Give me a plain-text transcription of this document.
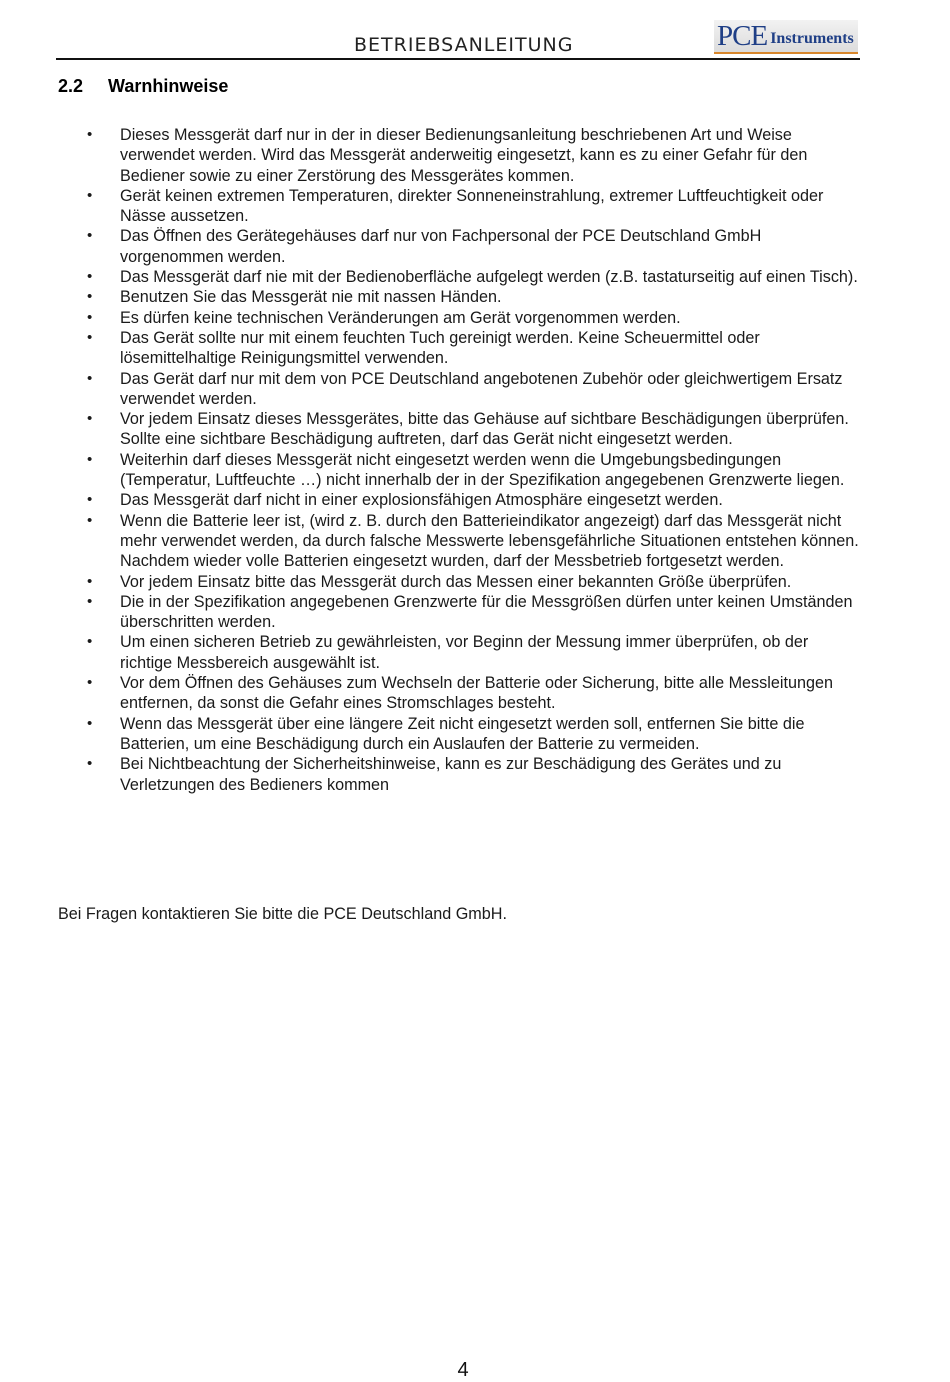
BETRIEBSANLEITUNG	PCE Instruments
2.2 Warnhinweise
• Dieses Messgerät darf nur in der in dieser Bedienungsanleitung beschriebenen Art und Weise verwendet werden. Wird das Messgerät anderweitig eingesetzt, kann es zu einer Gefahr für den Bediener sowie zu einer Zerstörung des Messgerätes kommen.
• Gerät keinen extremen Temperaturen, direkter Sonneneinstrahlung, extremer Luftfeuchtigkeit oder Nässe aussetzen.
• Das Öffnen des Gerätegehäuses darf nur von Fachpersonal der PCE Deutschland GmbH vorgenommen werden.
• Das Messgerät darf nie mit der Bedienoberfläche aufgelegt werden (z.B. tastaturseitig auf einen Tisch).
• Benutzen Sie das Messgerät nie mit nassen Händen.
• Es dürfen keine technischen Veränderungen am Gerät vorgenommen werden.
• Das Gerät sollte nur mit einem feuchten Tuch gereinigt werden. Keine Scheuermittel oder lösemittelhaltige Reinigungsmittel verwenden.
• Das Gerät darf nur mit dem von PCE Deutschland angebotenen Zubehör oder gleichwertigem Ersatz verwendet werden.
• Vor jedem Einsatz dieses Messgerätes, bitte das Gehäuse auf sichtbare Beschädigungen überprüfen. Sollte eine sichtbare Beschädigung auftreten, darf das Gerät nicht eingesetzt werden.
• Weiterhin darf dieses Messgerät nicht eingesetzt werden wenn die Umgebungsbedingungen (Temperatur, Luftfeuchte …) nicht innerhalb der in der Spezifikation angegebenen Grenzwerte liegen.
• Das Messgerät darf nicht in einer explosionsfähigen Atmosphäre eingesetzt werden.
• Wenn die Batterie leer ist, (wird z. B. durch den Batterieindikator angezeigt) darf das Messgerät nicht mehr verwendet werden, da durch falsche Messwerte lebensgefährliche Situationen entstehen können. Nachdem wieder volle Batterien eingesetzt wurden, darf der Messbetrieb fortgesetzt werden.
• Vor jedem Einsatz bitte das Messgerät durch das Messen einer bekannten Größe überprüfen.
• Die in der Spezifikation angegebenen Grenzwerte für die Messgrößen dürfen unter keinen Umständen überschritten werden.
• Um einen sicheren Betrieb zu gewährleisten, vor Beginn der Messung immer überprüfen, ob der richtige Messbereich ausgewählt ist.
• Vor dem Öffnen des Gehäuses zum Wechseln der Batterie oder Sicherung, bitte alle Messleitungen entfernen, da sonst die Gefahr eines Stromschlages besteht.
• Wenn das Messgerät über eine längere Zeit nicht eingesetzt werden soll, entfernen Sie bitte die Batterien, um eine Beschädigung durch ein Auslaufen der Batterie zu vermeiden.
• Bei Nichtbeachtung der Sicherheitshinweise, kann es zur Beschädigung des Gerätes und zu Verletzungen des Bedieners kommen
Bei Fragen kontaktieren Sie bitte die PCE Deutschland GmbH.
4
